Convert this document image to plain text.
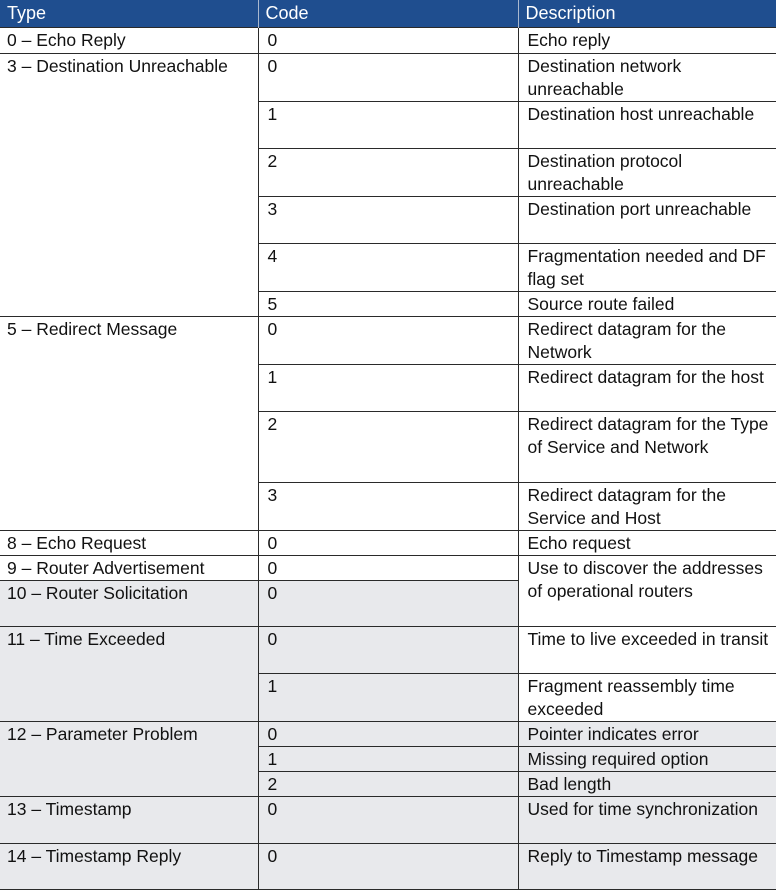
Type	Code	Description
0 – Echo Reply	0	Echo reply
3 – Destination Unreachable	0	Destination network unreachable
	1	Destination host unreachable
	2	Destination protocol unreachable
	3	Destination port unreachable
	4	Fragmentation needed and DF flag set
	5	Source route failed
5 – Redirect Message	0	Redirect datagram for the Network
	1	Redirect datagram for the host
	2	Redirect datagram for the Type of Service and Network
	3	Redirect datagram for the Service and Host
8 – Echo Request	0	Echo request
9 – Router Advertisement	0	Use to discover the addresses of operational routers
10 – Router Solicitation	0	
11 – Time Exceeded	0	Time to live exceeded in transit
	1	Fragment reassembly time exceeded
12 – Parameter Problem	0	Pointer indicates error
	1	Missing required option
	2	Bad length
13 – Timestamp	0	Used for time synchronization
14 – Timestamp Reply	0	Reply to Timestamp message
